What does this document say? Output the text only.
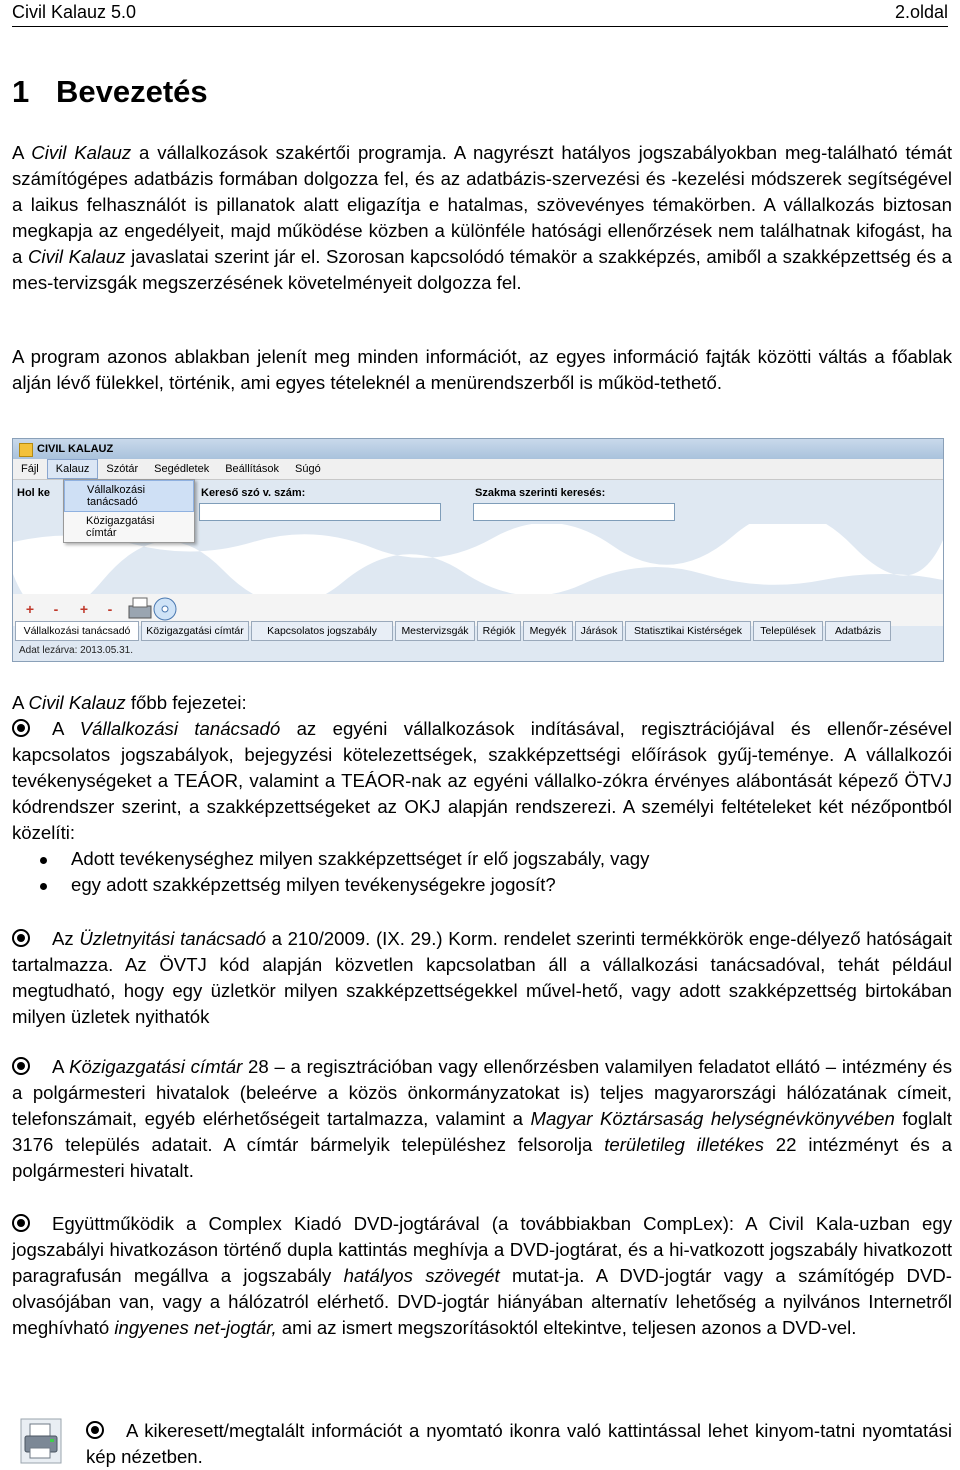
Civil Kalauz 5.0	2.oldal
1 Bevezetés

A Civil Kalauz a vállalkozások szakértői programja. A nagyrészt hatályos jogszabályokban meg-található témát számítógépes adatbázis formában dolgozza fel, és az adatbázis-szervezési és -kezelési módszerek segítségével a laikus felhasználót is pillanatok alatt eligazítja e hatalmas, szövevényes témakörben. A vállalkozás biztosan megkapja az engedélyeit, majd működése közben a különféle hatósági ellenőrzések nem találhatnak kifogást, ha a Civil Kalauz javaslatai szerint jár el. Szorosan kapcsolódó témakör a szakképzés, amiből a szakképzettség és a mes-tervizsgák megszerzésének követelményeit dolgozza fel.

A program azonos ablakban jelenít meg minden információt, az egyes információ fajták közötti váltás a főablak alján lévő fülekkel, történik, ami egyes tételeknél a menürendszerből is működ-tethető.

CIVIL KALAUZ
Fájl Kalauz Szótár Segédletek Beállítások Súgó
Vállalkozási tanácsadó
Közigazgatási címtár
Hol ke	Kereső szó v. szám:	Szakma szerinti keresés:
+	-	+	-
Vállalkozási tanácsadó	Közigazgatási címtár	Kapcsolatos jogszabály	Mestervizsgák	Régiók	Megyék	Járások	Statisztikai Kistérségek	Települések	Adatbázis
Adat lezárva: 2013.05.31.

A Civil Kalauz főbb fejezetei:

A Vállalkozási tanácsadó az egyéni vállalkozások indításával, regisztrációjával és ellenőr-zésével kapcsolatos jogszabályok, bejegyzési kötelezettségek, szakképzettségi előírások gyűj-teménye. A vállalkozói tevékenységeket a TEÁOR, valamint a TEÁOR-nak az egyéni vállalko-zókra érvényes alábontását képező ÖTVJ kódrendszer szerint, a szakképzettségeket az OKJ alapján rendszerezi. A személyi feltételeket két nézőpontból közelíti:

Adott tevékenységhez milyen szakképzettséget ír elő jogszabály, vagy
egy adott szakképzettség milyen tevékenységekre jogosít?

Az Üzletnyitási tanácsadó a 210/2009. (IX. 29.) Korm. rendelet szerinti termékkörök enge-délyező hatóságait tartalmazza. Az ÖVTJ kód alapján közvetlen kapcsolatban áll a vállalkozási tanácsadóval, tehát például megtudható, hogy egy üzletkör milyen szakképzettségekkel művel-hető, vagy adott szakképzettség birtokában milyen üzletek nyithatók

A Közigazgatási címtár 28 – a regisztrációban vagy ellenőrzésben valamilyen feladatot ellátó – intézmény és a polgármesteri hivatalok (beleérve a közös önkormányzatokat is) teljes magyarországi hálózatának címeit, telefonszámait, egyéb elérhetőségeit tartalmazza, valamint a Magyar Köztársaság helységnévkönyvében foglalt 3176 település adatait. A címtár bármelyik településhez felsorolja területileg illetékes 22 intézményt és a polgármesteri hivatalt.

Együttműködik a Complex Kiadó DVD-jogtárával (a továbbiakban CompLex): A Civil Kala-uzban egy jogszabályi hivatkozáson történő dupla kattintás meghívja a DVD-jogtárat, és a hi-vatkozott jogszabály hivatkozott paragrafusán megállva a jogszabály hatályos szövegét mutat-ja. A DVD-jogtár vagy a számítógép DVD-olvasójában van, vagy a hálózatról elérhető. DVD-jogtár hiányában alternatív lehetőség a nyilvános Internetről meghívható ingyenes net-jogtár, ami az ismert megszorításoktól eltekintve, teljesen azonos a DVD-vel.

A kikeresett/megtalált információt a nyomtató ikonra való kattintással lehet kinyom-tatni nyomtatási kép nézetben.
